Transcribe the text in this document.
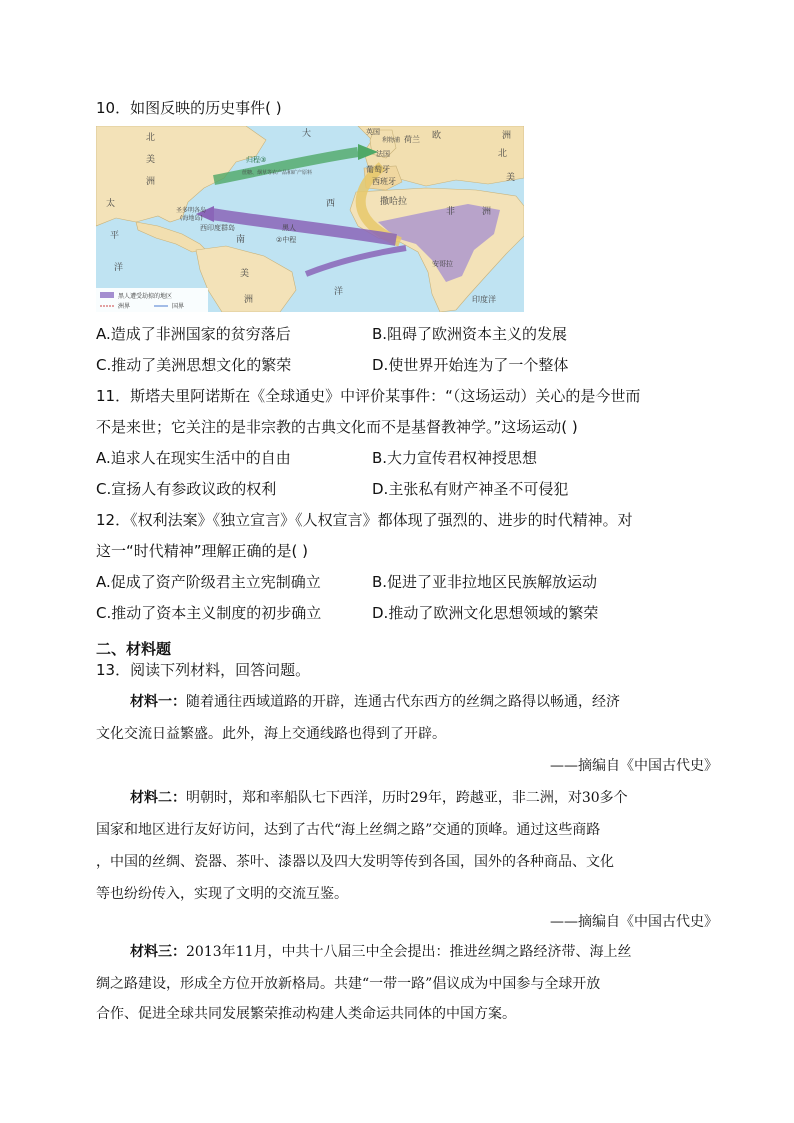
10．如图反映的历史事件( )
北
美
洲
大	英国
利物浦 荷兰 欧	洲
法国
葡萄牙
西班牙
撒哈拉
非	洲
北
美
西
圣多明各岛
(海地岛)
西印度群岛
归程③
蔗糖、烟草等农产品和矿产原料
黑人
②中程
太
平
洋
南
美
洲
洋
安哥拉
印度洋
黑人遭受劫掠的地区
洲界	国界
A.造成了非洲国家的贫穷落后	B.阻碍了欧洲资本主义的发展
C.推动了美洲思想文化的繁荣	D.使世界开始连为了一个整体
11．斯塔夫里阿诺斯在《全球通史》中评价某事件：“（这场运动）关心的是今世而
不是来世；它关注的是非宗教的古典文化而不是基督教神学。”这场运动( )
A.追求人在现实生活中的自由	B.大力宣传君权神授思想
C.宣扬人有参政议政的权利	D.主张私有财产神圣不可侵犯
12．《权利法案》《独立宣言》《人权宣言》都体现了强烈的、进步的时代精神。对
这一“时代精神”理解正确的是( )
A.促成了资产阶级君主立宪制确立	B.促进了亚非拉地区民族解放运动
C.推动了资本主义制度的初步确立	D.推动了欧洲文化思想领域的繁荣
二、材料题
13．阅读下列材料，回答问题。
材料一：随着通往西域道路的开辟，连通古代东西方的丝绸之路得以畅通，经济
文化交流日益繁盛。此外，海上交通线路也得到了开辟。
——摘编自《中国古代史》
材料二：明朝时，郑和率船队七下西洋，历时29年，跨越亚，非二洲，对30多个
国家和地区进行友好访问，达到了古代“海上丝绸之路”交通的顶峰。通过这些商路
，中国的丝绸、瓷器、茶叶、漆器以及四大发明等传到各国，国外的各种商品、文化
等也纷纷传入，实现了文明的交流互鉴。
——摘编自《中国古代史》
材料三：2013年11月，中共十八届三中全会提出：推进丝绸之路经济带、海上丝
绸之路建设，形成全方位开放新格局。共建“一带一路”倡议成为中国参与全球开放
合作、促进全球共同发展繁荣推动构建人类命运共同体的中国方案。
